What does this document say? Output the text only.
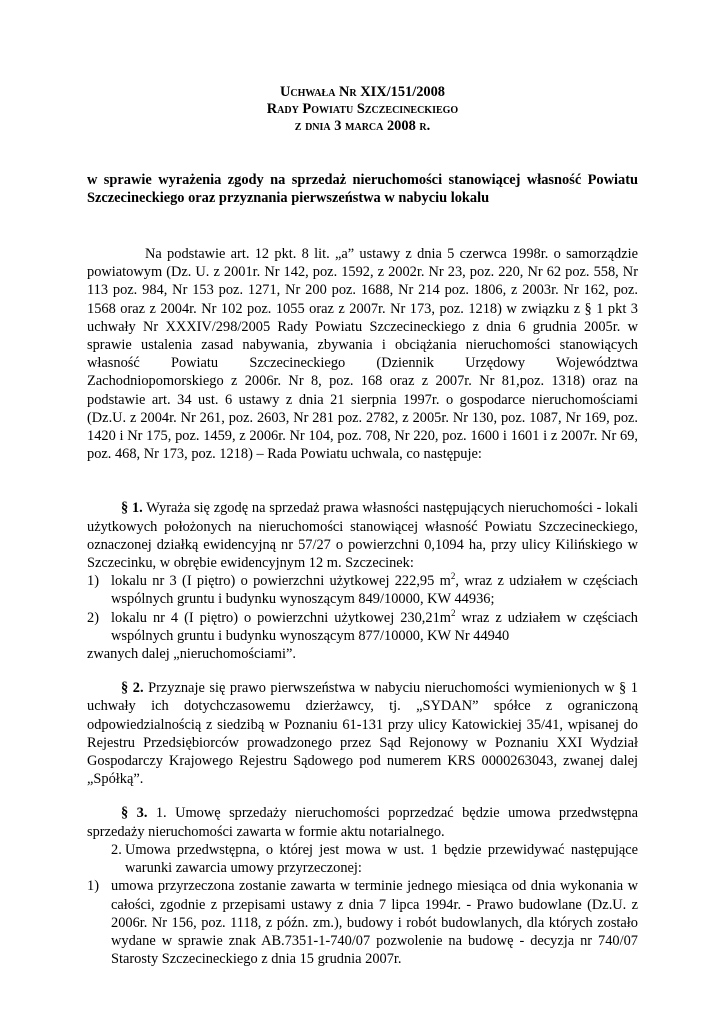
Uchwała Nr XIX/151/2008
Rady Powiatu Szczecineckiego
z dnia 3 marca 2008 r.
w sprawie wyrażenia zgody na sprzedaż nieruchomości stanowiącej własność Powiatu Szczecineckiego oraz przyznania pierwszeństwa w nabyciu lokalu
Na podstawie art. 12 pkt. 8 lit. „a” ustawy z dnia 5 czerwca 1998r. o samorządzie powiatowym (Dz. U. z 2001r. Nr 142, poz. 1592, z 2002r. Nr 23, poz. 220, Nr 62 poz. 558, Nr 113 poz. 984, Nr 153 poz. 1271, Nr 200 poz. 1688, Nr 214 poz. 1806, z 2003r. Nr 162, poz. 1568 oraz z 2004r. Nr 102 poz. 1055 oraz z 2007r. Nr 173, poz. 1218) w związku z § 1 pkt 3 uchwały Nr XXXIV/298/2005 Rady Powiatu Szczecineckiego z dnia 6 grudnia 2005r. w sprawie ustalenia zasad nabywania, zbywania i obciążania nieruchomości stanowiących własność Powiatu Szczecineckiego (Dziennik Urzędowy Województwa Zachodniopomorskiego z 2006r. Nr 8, poz. 168 oraz z 2007r. Nr 81,poz. 1318) oraz na podstawie art. 34 ust. 6 ustawy z dnia 21 sierpnia 1997r. o gospodarce nieruchomościami (Dz.U. z 2004r. Nr 261, poz. 2603, Nr 281 poz. 2782, z 2005r. Nr 130, poz. 1087, Nr 169, poz. 1420 i Nr 175, poz. 1459, z 2006r. Nr 104, poz. 708, Nr 220, poz. 1600 i 1601 i z 2007r. Nr 69, poz. 468, Nr 173, poz. 1218) – Rada Powiatu uchwala, co następuje:
§ 1. Wyraża się zgodę na sprzedaż prawa własności następujących nieruchomości - lokali użytkowych położonych na nieruchomości stanowiącej własność Powiatu Szczecineckiego, oznaczonej działką ewidencyjną nr 57/27 o powierzchni 0,1094 ha, przy ulicy Kilińskiego w Szczecinku, w obrębie ewidencyjnym 12 m. Szczecinek:
1) lokalu nr 3 (I piętro) o powierzchni użytkowej 222,95 $m^2$, wraz z udziałem w częściach wspólnych gruntu i budynku wynoszącym 849/10000, KW 44936;
2) lokalu nr 4 (I piętro) o powierzchni użytkowej $230,21m^2$ wraz z udziałem w częściach wspólnych gruntu i budynku wynoszącym 877/10000, KW Nr 44940
zwanych dalej „nieruchomościami”.
§ 2. Przyznaje się prawo pierwszeństwa w nabyciu nieruchomości wymienionych w § 1 uchwały ich dotychczasowemu dzierżawcy, tj. „SYDAN” spółce z ograniczoną odpowiedzialnością z siedzibą w Poznaniu 61-131 przy ulicy Katowickiej 35/41, wpisanej do Rejestru Przedsiębiorców prowadzonego przez Sąd Rejonowy w Poznaniu XXI Wydział Gospodarczy Krajowego Rejestru Sądowego pod numerem KRS 0000263043, zwanej dalej „Spółką”.
§ 3. 1. Umowę sprzedaży nieruchomości poprzedzać będzie umowa przedwstępna sprzedaży nieruchomości zawarta w formie aktu notarialnego.
2. Umowa przedwstępna, o której jest mowa w ust. 1 będzie przewidywać następujące warunki zawarcia umowy przyrzeczonej:
1) umowa przyrzeczona zostanie zawarta w terminie jednego miesiąca od dnia wykonania w całości, zgodnie z przepisami ustawy z dnia 7 lipca 1994r. - Prawo budowlane (Dz.U. z 2006r. Nr 156, poz. 1118, z późn. zm.), budowy i robót budowlanych, dla których zostało wydane w sprawie znak AB.7351-1-740/07 pozwolenie na budowę - decyzja nr 740/07 Starosty Szczecineckiego z dnia 15 grudnia 2007r.
